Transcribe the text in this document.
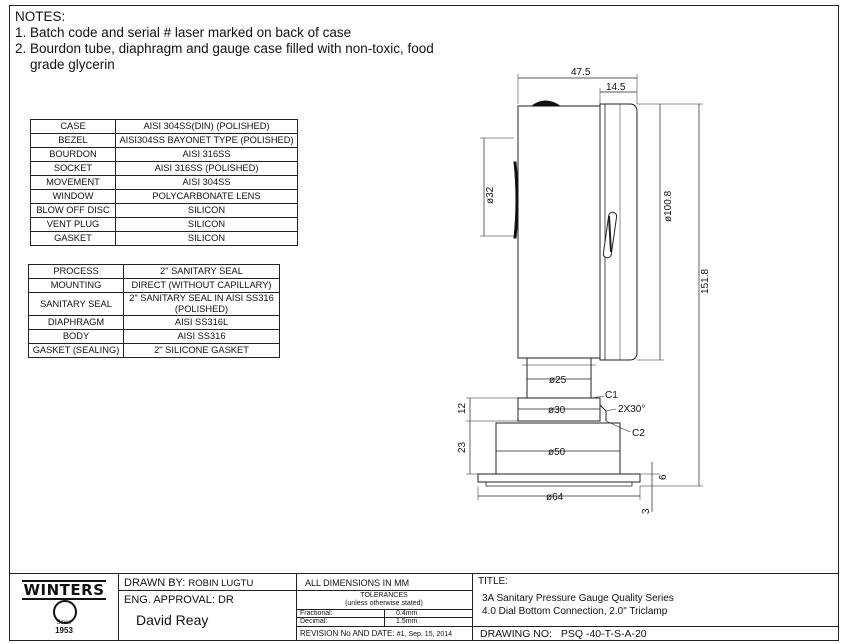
NOTES:
1. Batch code and serial # laser marked on back of case
2. Bourdon tube, diaphragm and gauge case filled with non-toxic, food
grade glycerin
CASE	AISI 304SS(DIN) (POLISHED)
BEZEL	AISI304SS BAYONET TYPE (POLISHED)
BOURDON	AISI 316SS
SOCKET	AISI 316SS (POLISHED)
MOVEMENT	AISI 304SS
WINDOW	POLYCARBONATE LENS
BLOW OFF DISC	SILICON
VENT PLUG	SILICON
GASKET	SILICON
PROCESS	2" SANITARY SEAL
MOUNTING	DIRECT (WITHOUT CAPILLARY)
SANITARY SEAL	2" SANITARY SEAL IN AISI SS316 (POLISHED)
DIAPHRAGM	AISI SS316L
BODY	AISI SS316
GASKET (SEALING)	2" SILICONE GASKET
47.5
14.5
ø32	ø100.8
151.8
ø25
ø30
ø50
ø64
C1
2X30°
C2
12
23
6
3
WINTERS
Since
1953
DRAWN BY: ROBIN LUGTU
ENG. APPROVAL: DR
David Reay
ALL DIMENSIONS IN MM
TOLERANCES
(unless otherwise stated)
Fractional:	0.4mm
Decimal:	1.5mm
REVISION No AND DATE: #1, Sep. 15, 2014
TITLE:
3A Sanitary Pressure Gauge Quality Series
4.0 Dial Bottom Connection, 2.0" Triclamp
DRAWING NO: PSQ -40-T-S-A-20
